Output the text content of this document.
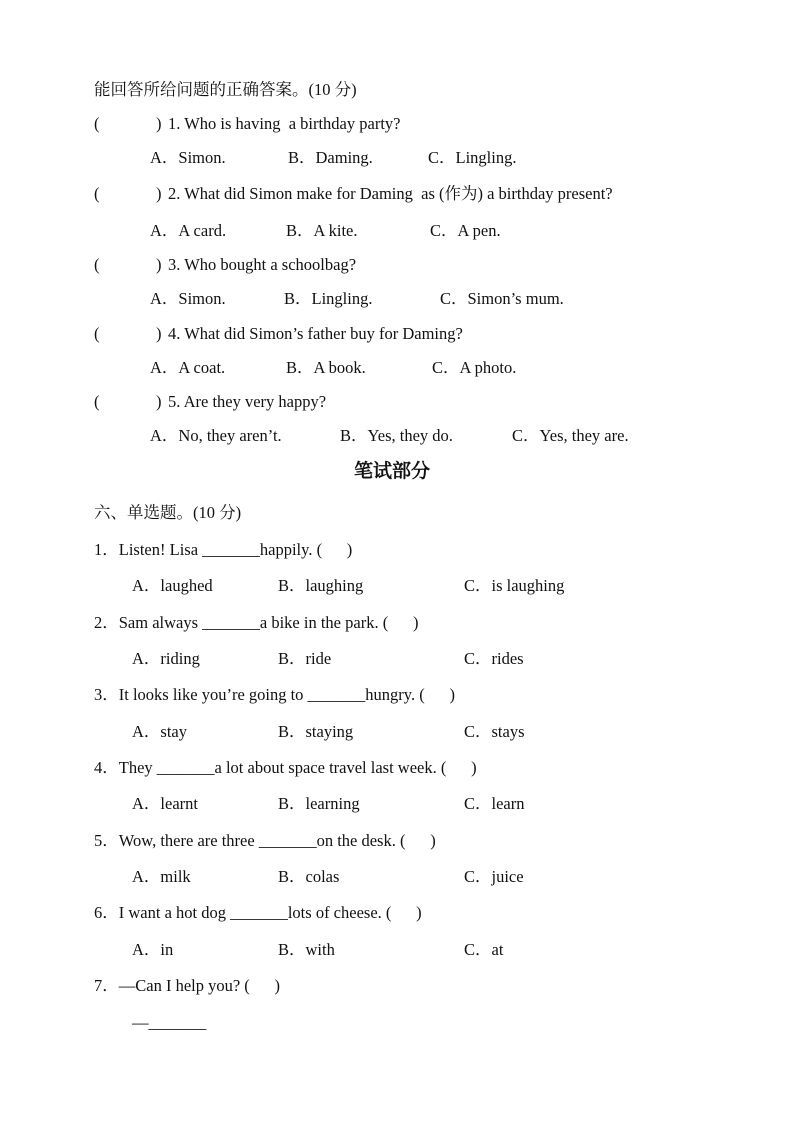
能回答所给问题的正确答案。(10 分)
(	) 1. Who is having  a birthday party?
A．Simon.	B．Daming.	C．Lingling.
(	) 2. What did Simon make for Daming  as (作为) a birthday present?
A．A card.	B．A kite.	C．A pen.
(	) 3. Who bought a schoolbag?
A．Simon.	B．Lingling.	C．Simon’s mum.
(	) 4. What did Simon’s father buy for Daming?
A．A coat.	B．A book.	C．A photo.
(	) 5. Are they very happy?
A．No, they aren’t.	B．Yes, they do.	C．Yes, they are.
笔试部分
六、单选题。(10 分)
1．Listen! Lisa _______happily. (      )
A．laughed	B．laughing	C．is laughing
2．Sam always _______a bike in the park. (      )
A．riding	B．ride	C．rides
3．It looks like you’re going to _______hungry. (      )
A．stay	B．staying	C．stays
4．They _______a lot about space travel last week. (      )
A．learnt	B．learning	C．learn
5．Wow, there are three _______on the desk. (      )
A．milk	B．colas	C．juice
6．I want a hot dog _______lots of cheese. (      )
A．in	B．with	C．at
7．—Can I help you? (      )
—_______
